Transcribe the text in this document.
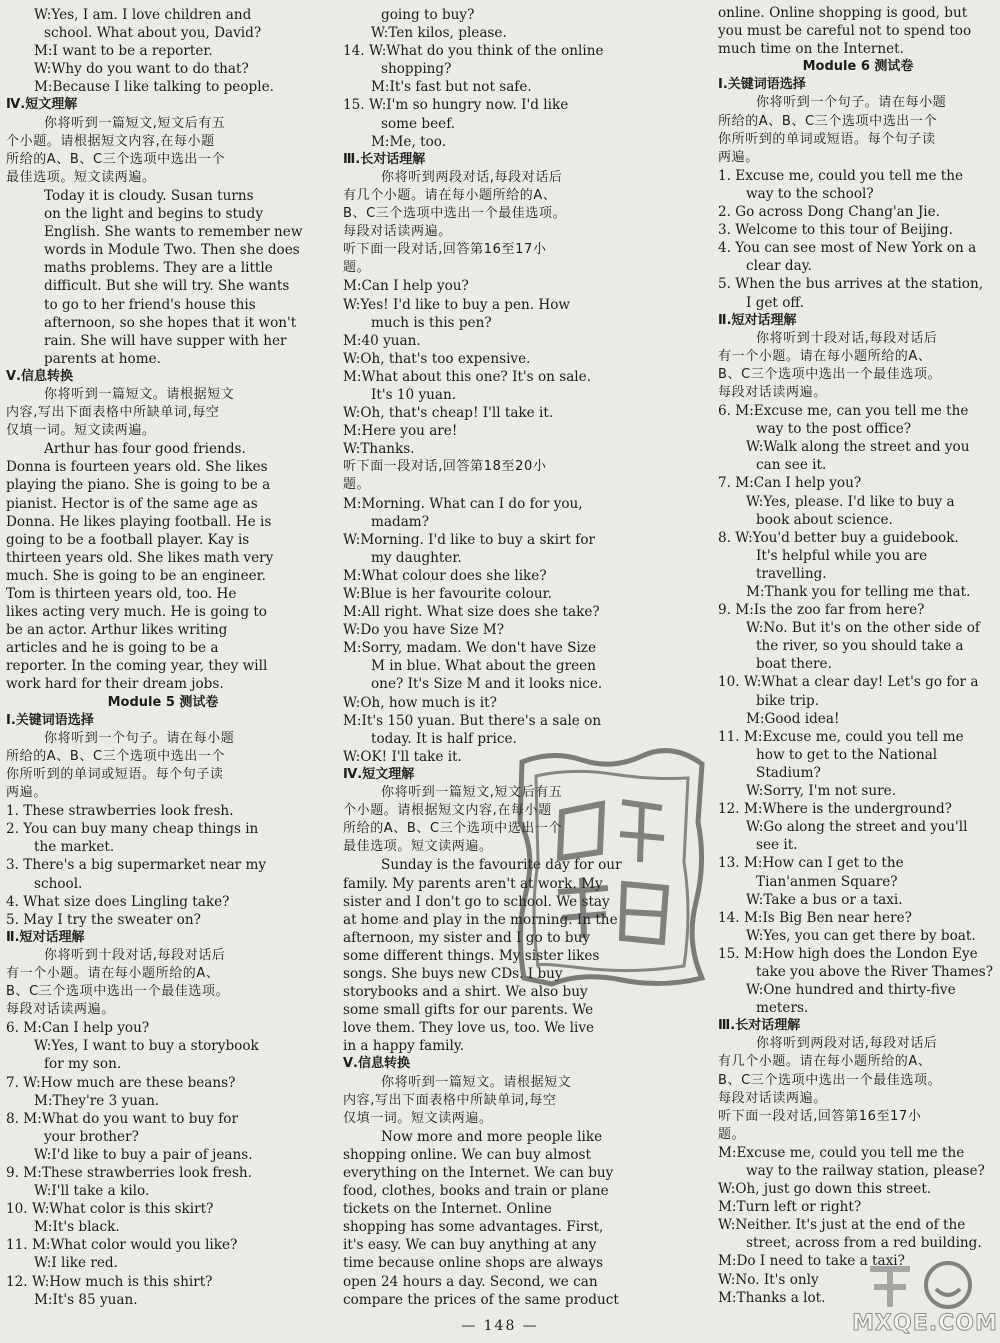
W:Yes, I am. I love children and
school. What about you, David?
M:I want to be a reporter.
W:Why do you want to do that?
M:Because I like talking to people.
Ⅳ.短文理解
你将听到一篇短文,短文后有五
个小题。请根据短文内容,在每小题
所给的A、B、C三个选项中选出一个
最佳选项。短文读两遍。
Today it is cloudy. Susan turns
on the light and begins to study
English. She wants to remember new
words in Module Two. Then she does
maths problems. They are a little
difficult. But she will try. She wants
to go to her friend's house this
afternoon, so she hopes that it won't
rain. She will have supper with her
parents at home.
Ⅴ.信息转换
你将听到一篇短文。请根据短文
内容,写出下面表格中所缺单词,每空
仅填一词。短文读两遍。
Arthur has four good friends.
Donna is fourteen years old. She likes
playing the piano. She is going to be a
pianist. Hector is of the same age as
Donna. He likes playing football. He is
going to be a football player. Kay is
thirteen years old. She likes math very
much. She is going to be an engineer.
Tom is thirteen years old, too. He
likes acting very much. He is going to
be an actor. Arthur likes writing
articles and he is going to be a
reporter. In the coming year, they will
work hard for their dream jobs.
Module 5 测试卷
Ⅰ.关键词语选择
你将听到一个句子。请在每小题
所给的A、B、C三个选项中选出一个
你所听到的单词或短语。每个句子读
两遍。
1. These strawberries look fresh.
2. You can buy many cheap things in
the market.
3. There's a big supermarket near my
school.
4. What size does Lingling take?
5. May I try the sweater on?
Ⅱ.短对话理解
你将听到十段对话,每段对话后
有一个小题。请在每小题所给的A、
B、C三个选项中选出一个最佳选项。
每段对话读两遍。
6. M:Can I help you?
W:Yes, I want to buy a storybook
for my son.
7. W:How much are these beans?
M:They're 3 yuan.
8. M:What do you want to buy for
your brother?
W:I'd like to buy a pair of jeans.
9. M:These strawberries look fresh.
W:I'll take a kilo.
10. W:What color is this skirt?
M:It's black.
11. M:What color would you like?
W:I like red.
12. W:How much is this shirt?
M:It's 85 yuan.
going to buy?
W:Ten kilos, please.
14. W:What do you think of the online
shopping?
M:It's fast but not safe.
15. W:I'm so hungry now. I'd like
some beef.
M:Me, too.
Ⅲ.长对话理解
你将听到两段对话,每段对话后
有几个小题。请在每小题所给的A、
B、C三个选项中选出一个最佳选项。
每段对话读两遍。
听下面一段对话,回答第16至17小
题。
M:Can I help you?
W:Yes! I'd like to buy a pen. How
much is this pen?
M:40 yuan.
W:Oh, that's too expensive.
M:What about this one? It's on sale.
It's 10 yuan.
W:Oh, that's cheap! I'll take it.
M:Here you are!
W:Thanks.
听下面一段对话,回答第18至20小
题。
M:Morning. What can I do for you,
madam?
W:Morning. I'd like to buy a skirt for
my daughter.
M:What colour does she like?
W:Blue is her favourite colour.
M:All right. What size does she take?
W:Do you have Size M?
M:Sorry, madam. We don't have Size
M in blue. What about the green
one? It's Size M and it looks nice.
W:Oh, how much is it?
M:It's 150 yuan. But there's a sale on
today. It is half price.
W:OK! I'll take it.
Ⅳ.短文理解
你将听到一篇短文,短文后有五
个小题。请根据短文内容,在每小题
所给的A、B、C三个选项中选出一个
最佳选项。短文读两遍。
Sunday is the favourite day for our
family. My parents aren't at work. My
sister and I don't go to school. We stay
at home and play in the morning. In the
afternoon, my sister and I go to buy
some different things. My sister likes
songs. She buys new CDs. I buy
storybooks and a shirt. We also buy
some small gifts for our parents. We
love them. They love us, too. We live
in a happy family.
Ⅴ.信息转换
你将听到一篇短文。请根据短文
内容,写出下面表格中所缺单词,每空
仅填一词。短文读两遍。
Now more and more people like
shopping online. We can buy almost
everything on the Internet. We can buy
food, clothes, books and train or plane
tickets on the Internet. Online
shopping has some advantages. First,
it's easy. We can buy anything at any
time because online shops are always
open 24 hours a day. Second, we can
compare the prices of the same product
online. Online shopping is good, but
you must be careful not to spend too
much time on the Internet.
Module 6 测试卷
Ⅰ.关键词语选择
你将听到一个句子。请在每小题
所给的A、B、C三个选项中选出一个
你所听到的单词或短语。每个句子读
两遍。
1. Excuse me, could you tell me the
way to the school?
2. Go across Dong Chang'an Jie.
3. Welcome to this tour of Beijing.
4. You can see most of New York on a
clear day.
5. When the bus arrives at the station,
I get off.
Ⅱ.短对话理解
你将听到十段对话,每段对话后
有一个小题。请在每小题所给的A、
B、C三个选项中选出一个最佳选项。
每段对话读两遍。
6. M:Excuse me, can you tell me the
way to the post office?
W:Walk along the street and you
can see it.
7. M:Can I help you?
W:Yes, please. I'd like to buy a
book about science.
8. W:You'd better buy a guidebook.
It's helpful while you are
travelling.
M:Thank you for telling me that.
9. M:Is the zoo far from here?
W:No. But it's on the other side of
the river, so you should take a
boat there.
10. W:What a clear day! Let's go for a
bike trip.
M:Good idea!
11. M:Excuse me, could you tell me
how to get to the National
Stadium?
W:Sorry, I'm not sure.
12. M:Where is the underground?
W:Go along the street and you'll
see it.
13. M:How can I get to the
Tian'anmen Square?
W:Take a bus or a taxi.
14. M:Is Big Ben near here?
W:Yes, you can get there by boat.
15. M:How high does the London Eye
take you above the River Thames?
W:One hundred and thirty-five
meters.
Ⅲ.长对话理解
你将听到两段对话,每段对话后
有几个小题。请在每小题所给的A、
B、C三个选项中选出一个最佳选项。
每段对话读两遍。
听下面一段对话,回答第16至17小
题。
M:Excuse me, could you tell me the
way to the railway station, please?
W:Oh, just go down this street.
M:Turn left or right?
W:Neither. It's just at the end of the
street, across from a red building.
M:Do I need to take a taxi?
W:No. It's only
M:Thanks a lot.
MXQE.COM
— 148 —
